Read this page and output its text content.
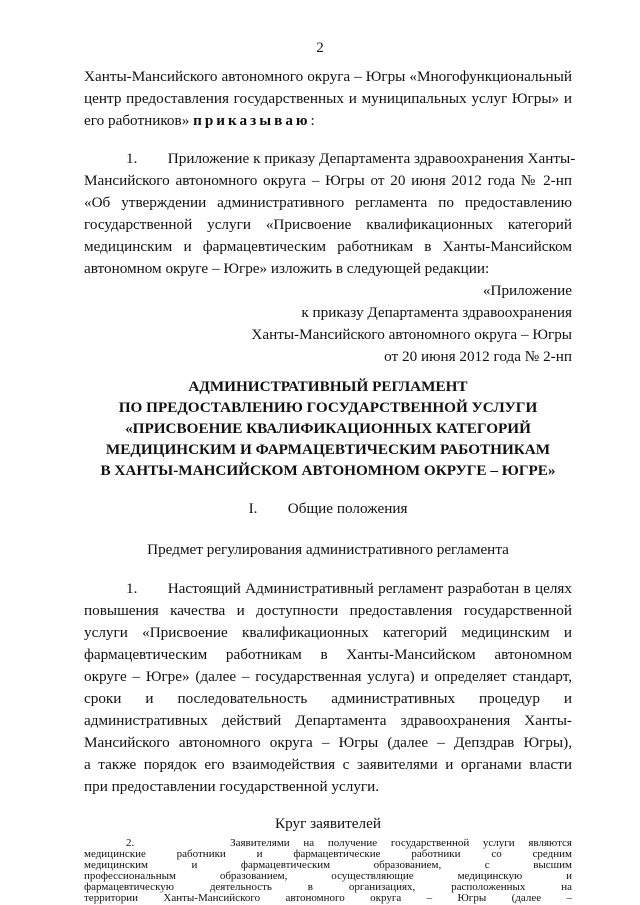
2
Ханты-Мансийского автономного округа – Югры «Многофункциональный
центр предоставления государственных и муниципальных услуг Югры» и
его работников» приказываю:
1.        Приложение к приказу Департамента здравоохранения Ханты-
Мансийского автономного округа – Югры от 20 июня 2012 года № 2-нп
«Об утверждении административного регламента по предоставлению
государственной услуги «Присвоение квалификационных категорий
медицинским и фармацевтическим работникам в Ханты-Мансийском
автономном округе – Югре» изложить в следующей редакции:
«Приложение
к приказу Департамента здравоохранения
Ханты-Мансийского автономного округа – Югры
от 20 июня 2012 года № 2-нп
АДМИНИСТРАТИВНЫЙ РЕГЛАМЕНТ
ПО ПРЕДОСТАВЛЕНИЮ ГОСУДАРСТВЕННОЙ УСЛУГИ
«ПРИСВОЕНИЕ КВАЛИФИКАЦИОННЫХ КАТЕГОРИЙ
МЕДИЦИНСКИМ И ФАРМАЦЕВТИЧЕСКИМ РАБОТНИКАМ
В ХАНТЫ-МАНСИЙСКОМ АВТОНОМНОМ ОКРУГЕ – ЮГРЕ»
I.        Общие положения
Предмет регулирования административного регламента
1.       Настоящий Административный регламент разработан в целях
повышения качества и доступности предоставления государственной
услуги «Присвоение квалификационных категорий медицинским и
фармацевтическим работникам в Ханты-Мансийском автономном
округе – Югре» (далее – государственная услуга) и определяет стандарт,
сроки и последовательность административных процедур и
административных действий Департамента здравоохранения Ханты-
Мансийского автономного округа – Югры (далее – Депздрав Югры),
а также порядок его взаимодействия с заявителями и органами власти
при предоставлении государственной услуги.
Круг заявителей
2.       Заявителями на получение государственной услуги являются
медицинские работники и фармацевтические работники со средним
медицинским и фармацевтическим образованием, с высшим
профессиональным образованием, осуществляющие медицинскую и
фармацевтическую деятельность в организациях, расположенных на
территории Ханты-Мансийского автономного округа – Югры (далее –
